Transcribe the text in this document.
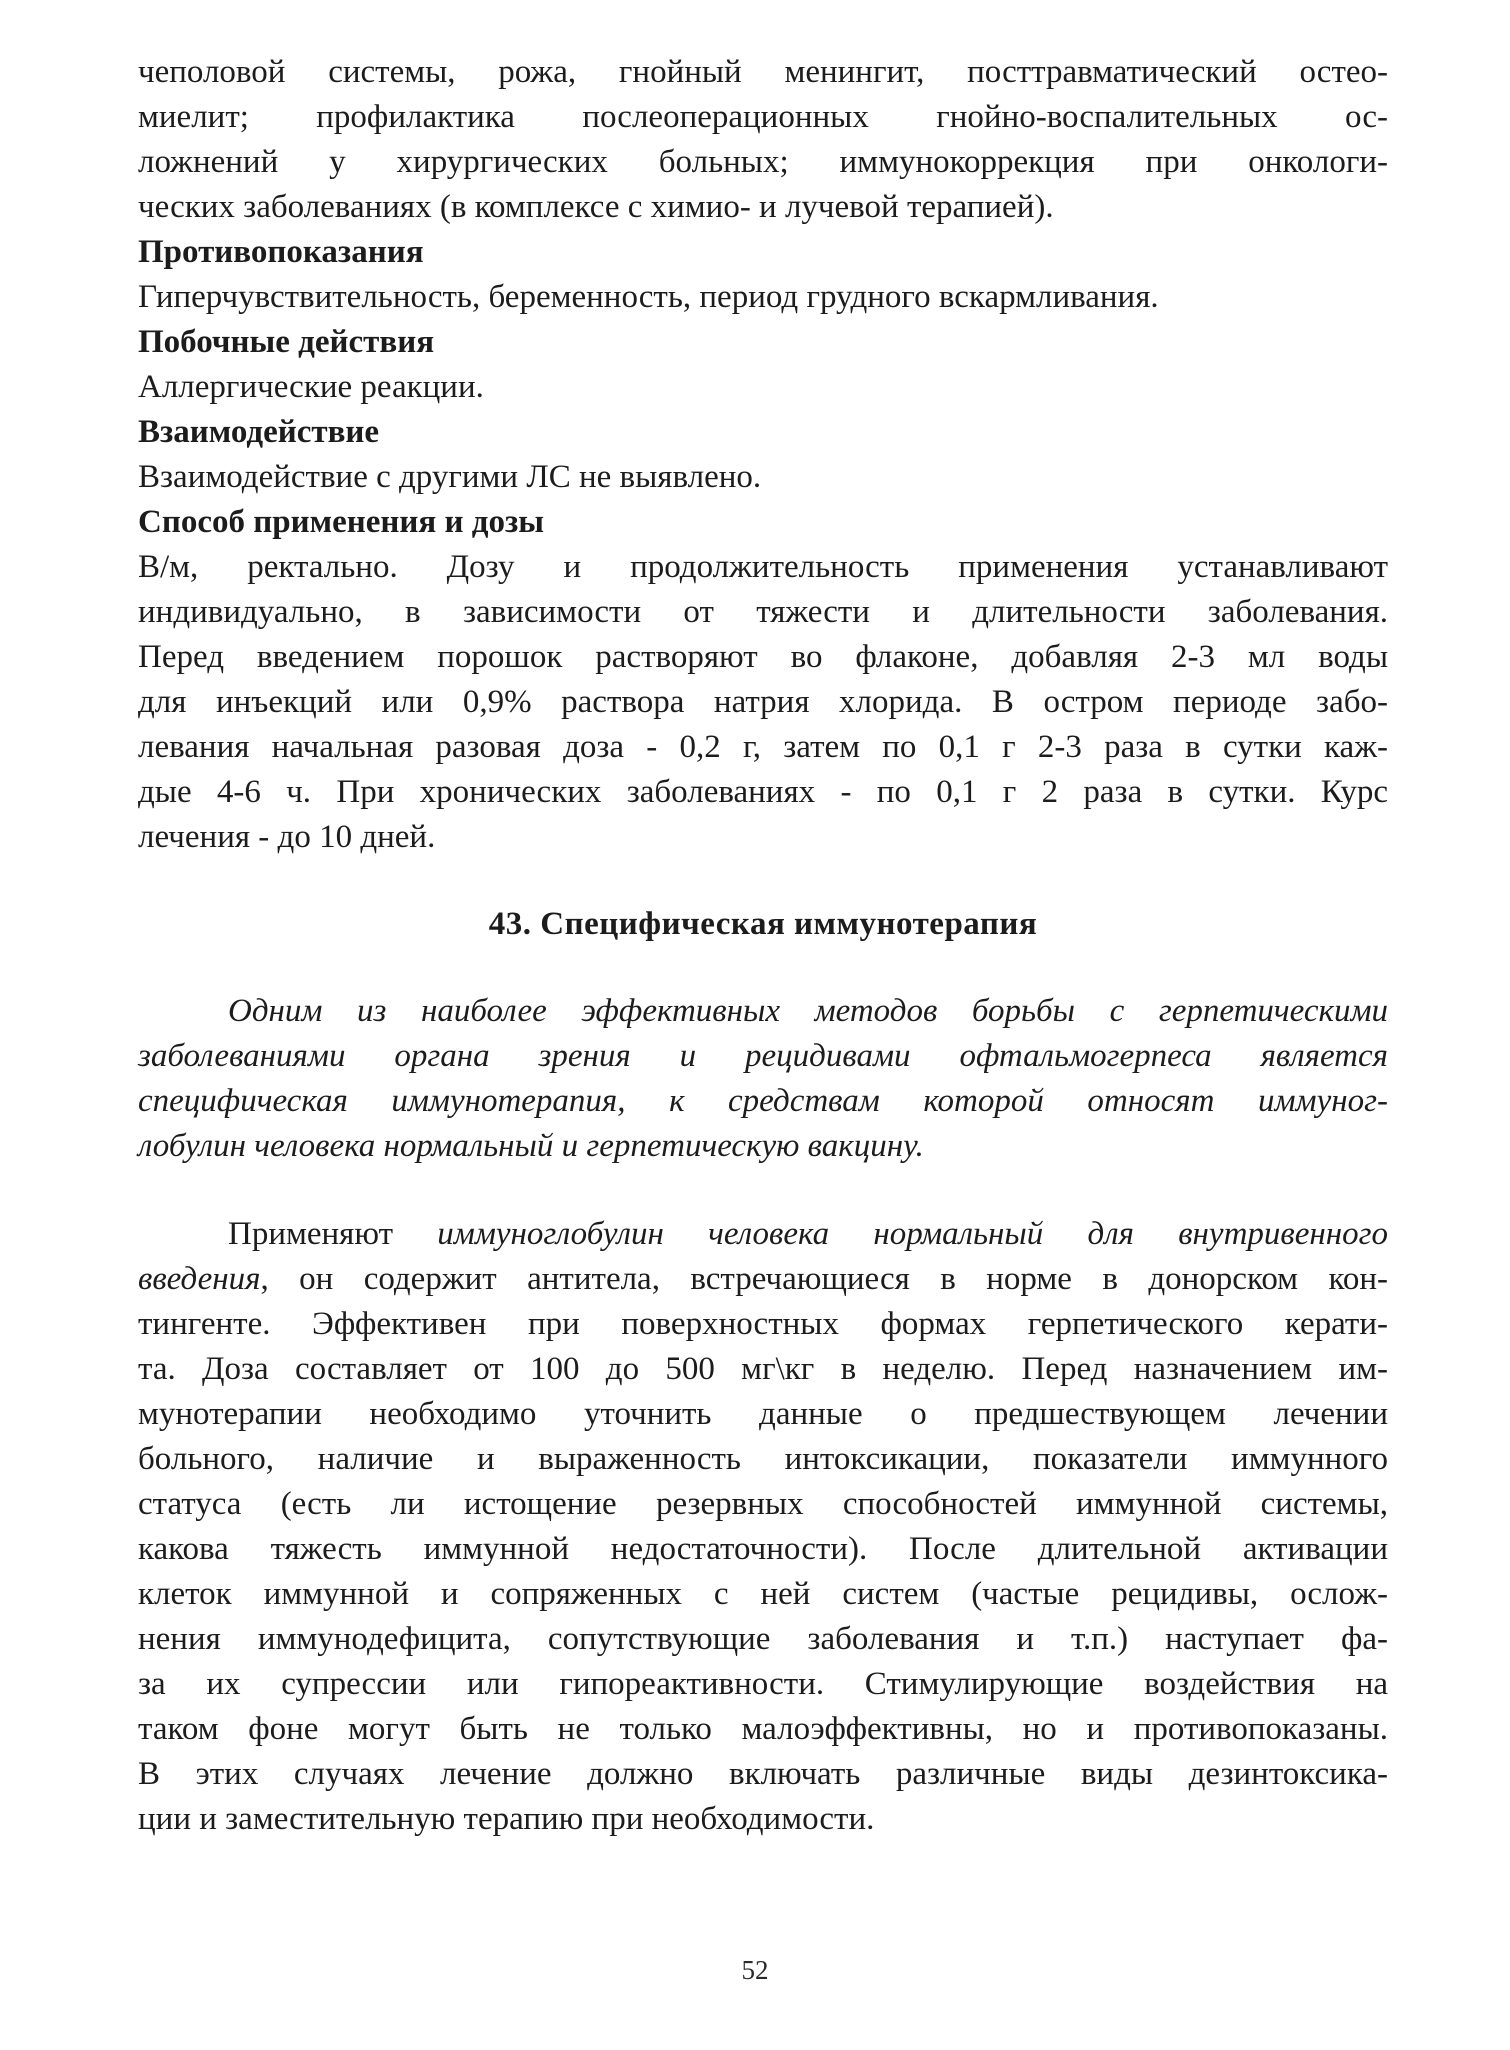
чеполовой системы, рожа, гнойный менингит, посттравматический остео-
миелит; профилактика послеоперационных гнойно-воспалительных ос-
ложнений у хирургических больных; иммунокоррекция при онкологи-
ческих заболеваниях (в комплексе с химио- и лучевой терапией).
Противопоказания
Гиперчувствительность, беременность, период грудного вскармливания.
Побочные действия
Аллергические реакции.
Взаимодействие
Взаимодействие с другими ЛС не выявлено.
Способ применения и дозы
В/м, ректально. Дозу и продолжительность применения устанавливают
индивидуально, в зависимости от тяжести и длительности заболевания.
Перед введением порошок растворяют во флаконе, добавляя 2-3 мл воды
для инъекций или 0,9% раствора натрия хлорида. В остром периоде забо-
левания начальная разовая доза - 0,2 г, затем по 0,1 г 2-3 раза в сутки каж-
дые 4-6 ч. При хронических заболеваниях - по 0,1 г 2 раза в сутки. Курс
лечения - до 10 дней.
43. Специфическая иммунотерапия
Одним из наиболее эффективных методов борьбы с герпетическими
заболеваниями органа зрения и рецидивами офтальмогерпеса является
специфическая иммунотерапия, к средствам которой относят иммуног-
лобулин человека нормальный и герпетическую вакцину.
Применяют иммуноглобулин человека нормальный для внутривенного
введения, он содержит антитела, встречающиеся в норме в донорском кон-
тингенте. Эффективен при поверхностных формах герпетического керати-
та. Доза составляет от 100 до 500 мг\кг в неделю. Перед назначением им-
мунотерапии необходимо уточнить данные о предшествующем лечении
больного, наличие и выраженность интоксикации, показатели иммунного
статуса (есть ли истощение резервных способностей иммунной системы,
какова тяжесть иммунной недостаточности). После длительной активации
клеток иммунной и сопряженных с ней систем (частые рецидивы, ослож-
нения иммунодефицита, сопутствующие заболевания и т.п.) наступает фа-
за их супрессии или гипореактивности. Стимулирующие воздействия на
таком фоне могут быть не только малоэффективны, но и противопоказаны.
В этих случаях лечение должно включать различные виды дезинтоксика-
ции и заместительную терапию при необходимости.
52
